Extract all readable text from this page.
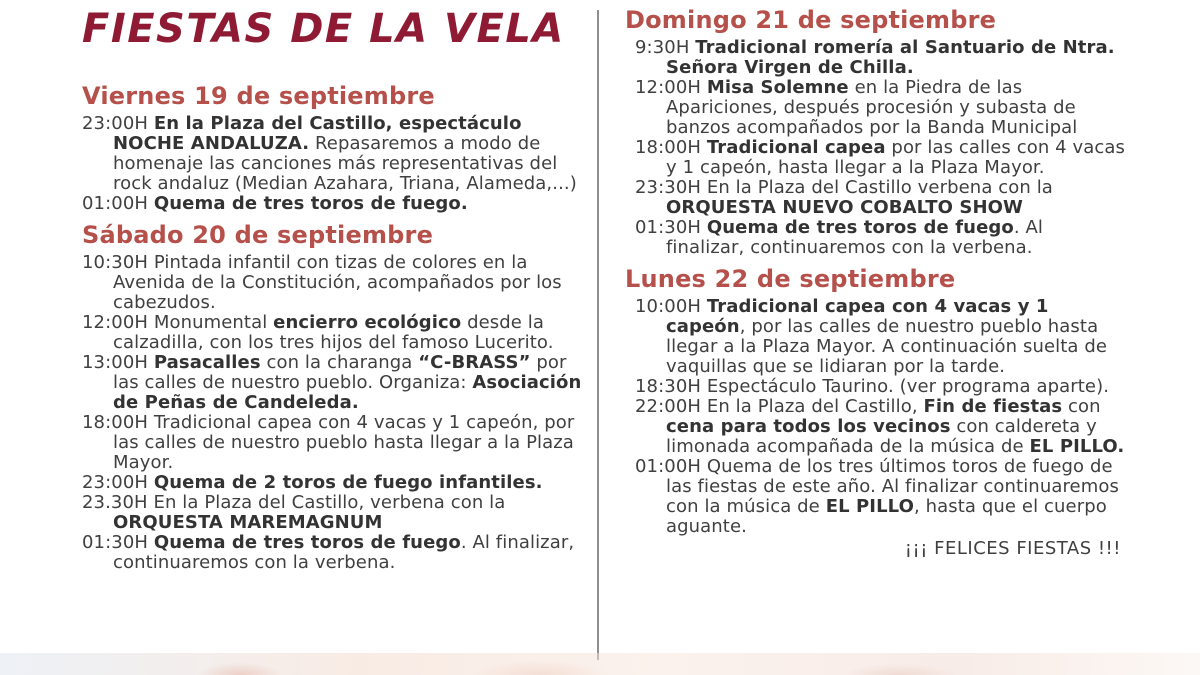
FIESTAS DE LA VELA
Viernes 19 de septiembre

23:00H En la Plaza del Castillo, espectáculo NOCHE ANDALUZA. Repasaremos a modo de homenaje las canciones más representativas del rock andaluz (Median Azahara, Triana, Alameda,...)

01:00H Quema de tres toros de fuego.

Sábado 20 de septiembre

10:30H Pintada infantil con tizas de colores en la Avenida de la Constitución, acompañados por los cabezudos.

12:00H Monumental encierro ecológico desde la calzadilla, con los tres hijos del famoso Lucerito.

13:00H Pasacalles con la charanga “C-BRASS” por las calles de nuestro pueblo. Organiza: Asociación de Peñas de Candeleda.

18:00H Tradicional capea con 4 vacas y 1 capeón, por las calles de nuestro pueblo hasta llegar a la Plaza Mayor.

23:00H Quema de 2 toros de fuego infantiles.

23.30H En la Plaza del Castillo, verbena con la ORQUESTA MAREMAGNUM

01:30H Quema de tres toros de fuego. Al finalizar, continuaremos con la verbena.

Domingo 21 de septiembre

9:30H Tradicional romería al Santuario de Ntra. Señora Virgen de Chilla.

12:00H Misa Solemne en la Piedra de las Apariciones, después procesión y subasta de banzos acompañados por la Banda Municipal

18:00H Tradicional capea por las calles con 4 vacas y 1 capeón, hasta llegar a la Plaza Mayor.

23:30H En la Plaza del Castillo verbena con la ORQUESTA NUEVO COBALTO SHOW

01:30H Quema de tres toros de fuego. Al finalizar, continuaremos con la verbena.

Lunes 22 de septiembre

10:00H Tradicional capea con 4 vacas y 1 capeón, por las calles de nuestro pueblo hasta llegar a la Plaza Mayor. A continuación suelta de vaquillas que se lidiaran por la tarde.

18:30H Espectáculo Taurino. (ver programa aparte).

22:00H En la Plaza del Castillo, Fin de fiestas con cena para todos los vecinos con caldereta y limonada acompañada de la música de EL PILLO.

01:00H Quema de los tres últimos toros de fuego de las fiestas de este año. Al finalizar continuaremos con la música de EL PILLO, hasta que el cuerpo aguante.

¡¡¡ FELICES FIESTAS !!!
